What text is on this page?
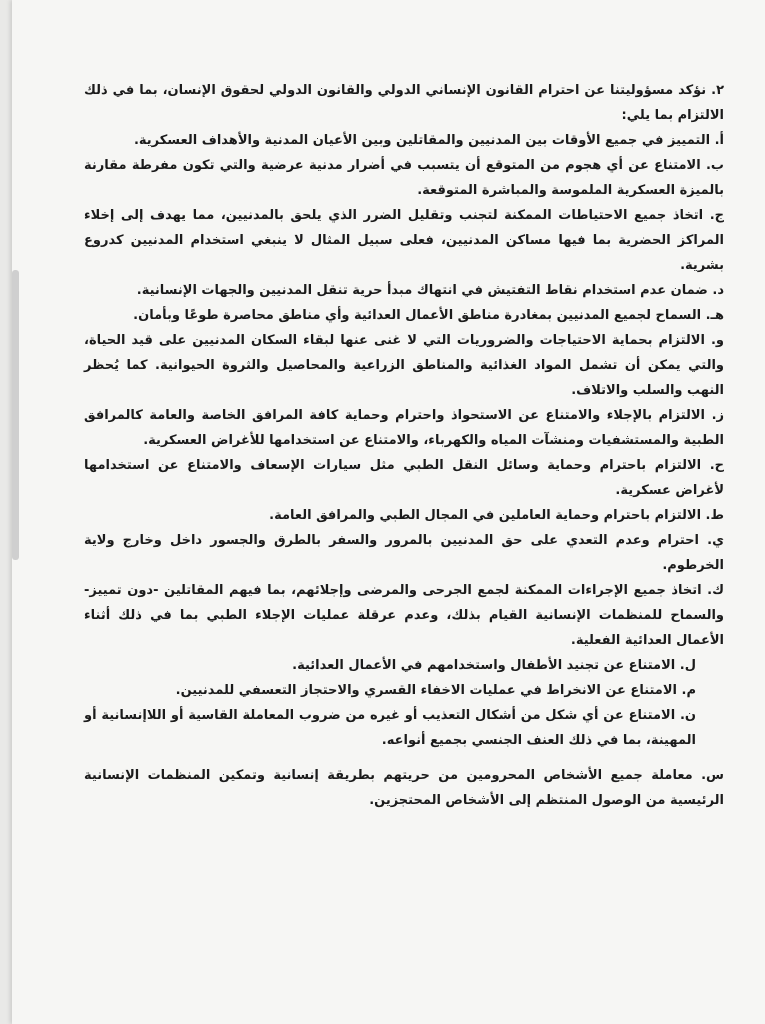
٢. نؤكد مسؤوليتنا عن احترام القانون الإنساني الدولي والقانون الدولي لحقوق الإنسان، بما في ذلك الالتزام بما يلي:

أ. التمييز في جميع الأوقات بين المدنيين والمقاتلين وبين الأعيان المدنية والأهداف العسكرية.

ب. الامتناع عن أي هجوم من المتوقع أن يتسبب في أضرار مدنية عرضية والتي تكون مفرطة مقارنة بالميزة العسكرية الملموسة والمباشرة المتوقعة.

ج. اتخاذ جميع الاحتياطات الممكنة لتجنب وتقليل الضرر الذي يلحق بالمدنيين، مما يهدف إلى إخلاء المراكز الحضرية بما فيها مساكن المدنيين، فعلى سبيل المثال لا ينبغي استخدام المدنيين كدروع بشرية.

د. ضمان عدم استخدام نقاط التفتيش في انتهاك مبدأ حرية تنقل المدنيين والجهات الإنسانية.

هـ. السماح لجميع المدنيين بمغادرة مناطق الأعمال العدائية وأي مناطق محاصرة طوعًا وبأمان.

و. الالتزام بحماية الاحتياجات والضروريات التي لا غنى عنها لبقاء السكان المدنيين على قيد الحياة، والتي يمكن أن تشمل المواد الغذائية والمناطق الزراعية والمحاصيل والثروة الحيوانية. كما يُحظر النهب والسلب والاتلاف.

ز. الالتزام بالإجلاء والامتناع عن الاستحواذ واحترام وحماية كافة المرافق الخاصة والعامة كالمرافق الطبية والمستشفيات ومنشآت المياه والكهرباء، والامتناع عن استخدامها للأغراض العسكرية.

ح. الالتزام باحترام وحماية وسائل النقل الطبي مثل سيارات الإسعاف والامتناع عن استخدامها لأغراض عسكرية.

ط. الالتزام باحترام وحماية العاملين في المجال الطبي والمرافق العامة.

ي. احترام وعدم التعدي على حق المدنيين بالمرور والسفر بالطرق والجسور داخل وخارج ولاية الخرطوم.

ك. اتخاذ جميع الإجراءات الممكنة لجمع الجرحى والمرضى وإجلائهم، بما فيهم المقاتلين -دون تمييز- والسماح للمنظمات الإنسانية القيام بذلك، وعدم عرقلة عمليات الإجلاء الطبي بما في ذلك أثناء الأعمال العدائية الفعلية.

ل. الامتناع عن تجنيد الأطفال واستخدامهم في الأعمال العدائية.

م. الامتناع عن الانخراط في عمليات الاخفاء القسري والاحتجاز التعسفي للمدنيين.

ن. الامتناع عن أي شكل من أشكال التعذيب أو غيره من ضروب المعاملة القاسية أو اللاإنسانية أو المهينة، بما في ذلك العنف الجنسي بجميع أنواعه.

س. معاملة جميع الأشخاص المحرومين من حريتهم بطريقة إنسانية وتمكين المنظمات الإنسانية الرئيسية من الوصول المنتظم إلى الأشخاص المحتجزين.
